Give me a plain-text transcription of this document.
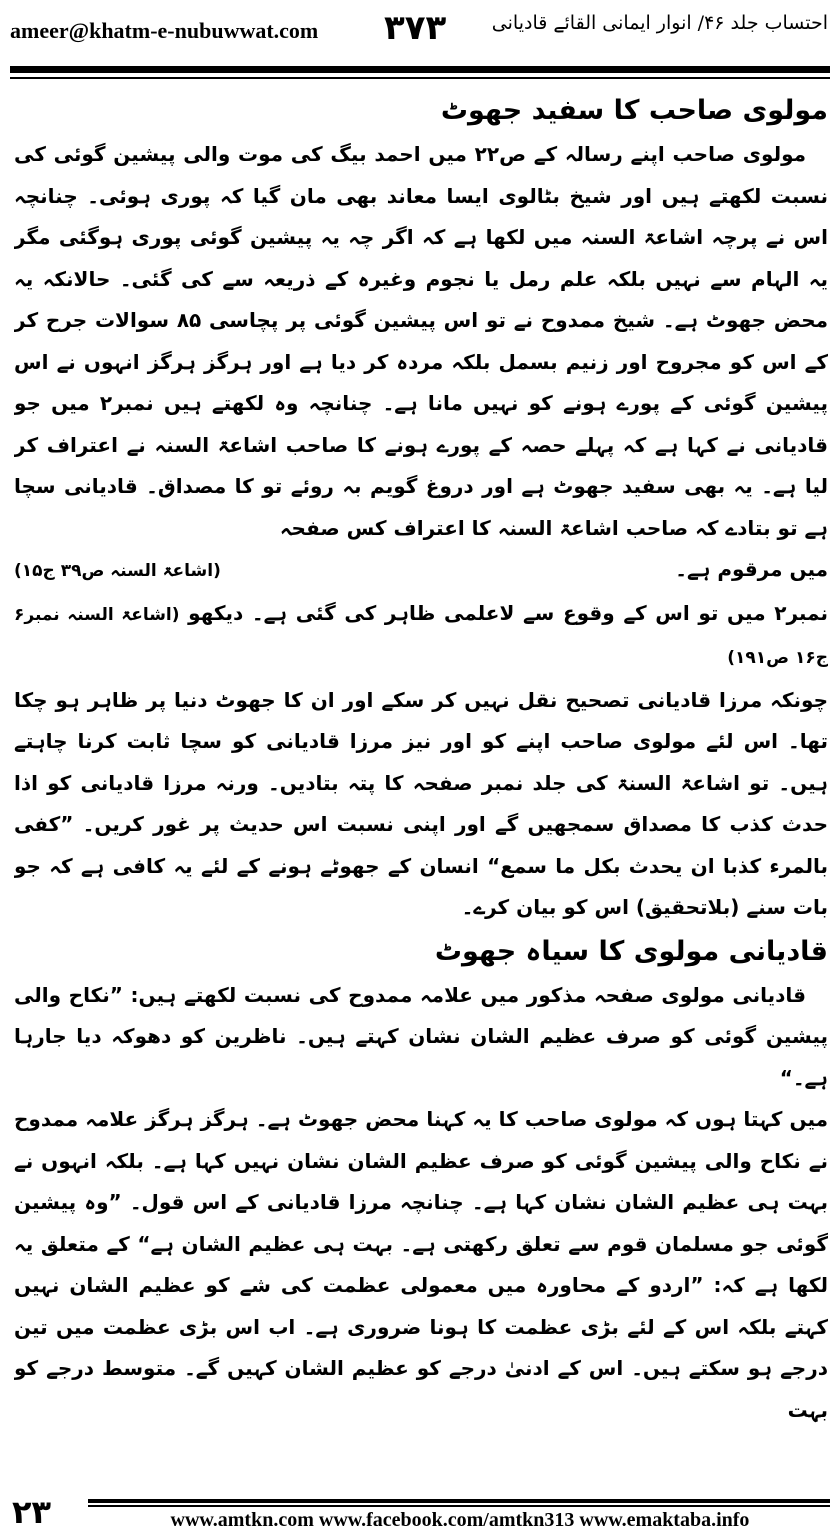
ameer@khatm-e-nubuwwat.com ۳۷۳ احتساب جلد ۴۶/ انوار ایمانی القائے قادیانی
مولوی صاحب کا سفید جھوٹ

مولوی صاحب اپنے رسالہ کے ص۲۲ میں احمد بیگ کی موت والی پیشین گوئی کی نسبت لکھتے ہیں اور شیخ بٹالوی ایسا معاند بھی مان گیا کہ پوری ہوئی۔ چنانچہ اس نے پرچہ اشاعۃ السنہ میں لکھا ہے کہ اگر چہ یہ پیشین گوئی پوری ہوگئی مگر یہ الہام سے نہیں بلکہ علم رمل یا نجوم وغیرہ کے ذریعہ سے کی گئی۔ حالانکہ یہ محض جھوٹ ہے۔ شیخ ممدوح نے تو اس پیشین گوئی پر پچاسی ۸۵ سوالات جرح کر کے اس کو مجروح اور زنیم بسمل بلکہ مردہ کر دیا ہے اور ہرگز ہرگز انہوں نے اس پیشین گوئی کے پورے ہونے کو نہیں مانا ہے۔ چنانچہ وہ لکھتے ہیں نمبر۲ میں جو قادیانی نے کہا ہے کہ پہلے حصہ کے پورے ہونے کا صاحب اشاعۃ السنہ نے اعتراف کر لیا ہے۔ یہ بھی سفید جھوٹ ہے اور دروغ گویم بہ روئے تو کا مصداق۔ قادیانی سچا ہے تو بتادے کہ صاحب اشاعۃ السنہ کا اعتراف کس صفحہ

میں مرقوم ہے۔
(اشاعۃ السنہ ص۳۹ ج۱۵)

نمبر۲ میں تو اس کے وقوع سے لاعلمی ظاہر کی گئی ہے۔ دیکھو (اشاعۃ السنہ نمبر۶ ج۱۶ ص۱۹۱)

چونکہ مرزا قادیانی تصحیح نقل نہیں کر سکے اور ان کا جھوٹ دنیا پر ظاہر ہو چکا تھا۔ اس لئے مولوی صاحب اپنے کو اور نیز مرزا قادیانی کو سچا ثابت کرنا چاہتے ہیں۔ تو اشاعۃ السنۃ کی جلد نمبر صفحہ کا پتہ بتادیں۔ ورنہ مرزا قادیانی کو اذا حدث کذب کا مصداق سمجھیں گے اور اپنی نسبت اس حدیث پر غور کریں۔ ”کفی بالمرء کذبا ان یحدث بکل ما سمع“ انسان کے جھوٹے ہونے کے لئے یہ کافی ہے کہ جو بات سنے (بلاتحقیق) اس کو بیان کرے۔

قادیانی مولوی کا سیاہ جھوٹ

قادیانی مولوی صفحہ مذکور میں علامہ ممدوح کی نسبت لکھتے ہیں: ”نکاح والی پیشین گوئی کو صرف عظیم الشان نشان کہتے ہیں۔ ناظرین کو دھوکہ دیا جارہا ہے۔“

میں کہتا ہوں کہ مولوی صاحب کا یہ کہنا محض جھوٹ ہے۔ ہرگز ہرگز علامہ ممدوح نے نکاح والی پیشین گوئی کو صرف عظیم الشان نشان نہیں کہا ہے۔ بلکہ انہوں نے بہت ہی عظیم الشان نشان کہا ہے۔ چنانچہ مرزا قادیانی کے اس قول۔ ”وہ پیشین گوئی جو مسلمان قوم سے تعلق رکھتی ہے۔ بہت ہی عظیم الشان ہے“ کے متعلق یہ لکھا ہے کہ: ”اردو کے محاورہ میں معمولی عظمت کی شے کو عظیم الشان نہیں کہتے بلکہ اس کے لئے بڑی عظمت کا ہونا ضروری ہے۔ اب اس بڑی عظمت میں تین درجے ہو سکتے ہیں۔ اس کے ادنیٰ درجے کو عظیم الشان کہیں گے۔ متوسط درجے کو بہت

۲۳	www.amtkn.com www.facebook.com/amtkn313 www.emaktaba.info
